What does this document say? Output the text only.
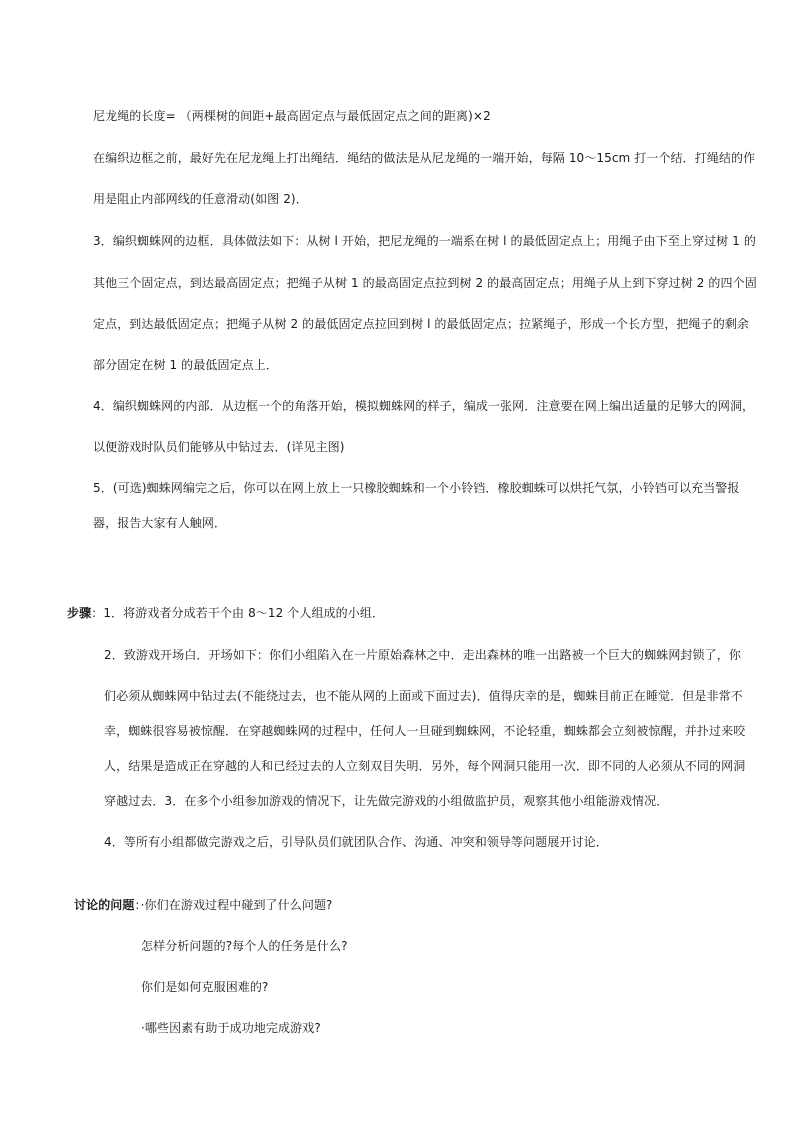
尼龙绳的长度= （两棵树的间距+最高固定点与最低固定点之间的距离)×2
在编织边框之前，最好先在尼龙绳上打出绳结．绳结的做法是从尼龙绳的一端开始，每隔 10～15cm 打一个结．打绳结的作
用是阻止内部网线的任意滑动(如图 2)．
3．编织蜘蛛网的边框．具体做法如下：从树 l 开始，把尼龙绳的一端系在树 l 的最低固定点上；用绳子由下至上穿过树 1 的
其他三个固定点，到达最高固定点；把绳子从树 1 的最高固定点拉到树 2 的最高固定点；用绳子从上到下穿过树 2 的四个固
定点，到达最低固定点；把绳子从树 2 的最低固定点拉回到树 l 的最低固定点；拉紧绳子，形成一个长方型，把绳子的剩余
部分固定在树 1 的最低固定点上．
4．编织蜘蛛网的内部．从边框一个的角落开始，模拟蜘蛛网的样子，编成一张网．注意要在网上编出适量的足够大的网洞，
以便游戏时队员们能够从中钻过去．(详见主图)
5．(可选)蜘蛛网编完之后，你可以在网上放上一只橡胶蜘蛛和一个小铃铛．橡胶蜘蛛可以烘托气氛，小铃铛可以充当警报
器，报告大家有人触网．
步骤：1．将游戏者分成若干个由 8～12 个人组成的小组．
2．致游戏开场白．开场如下：你们小组陷入在一片原始森林之中．走出森林的唯一出路被一个巨大的蜘蛛网封锁了，你
们必须从蜘蛛网中钻过去(不能绕过去，也不能从网的上面或下面过去)．值得庆幸的是，蜘蛛目前正在睡觉．但是非常不
幸，蜘蛛很容易被惊醒．在穿越蜘蛛网的过程中，任何人一旦碰到蜘蛛网，不论轻重，蜘蛛都会立刻被惊醒，并扑过来咬
人，结果是造成正在穿越的人和已经过去的人立刻双目失明．另外，每个网洞只能用一次．即不同的人必须从不同的网洞
穿越过去．3．在多个小组参加游戏的情况下，让先做完游戏的小组做监护员，观察其他小组能游戏情况．
4．等所有小组都做完游戏之后，引导队员们就团队合作、沟通、冲突和领导等问题展开讨论．
讨论的问题：·你们在游戏过程中碰到了什么问题?
怎样分析问题的?每个人的任务是什么?
你们是如何克服困难的?
·哪些因素有助于成功地完成游戏?
